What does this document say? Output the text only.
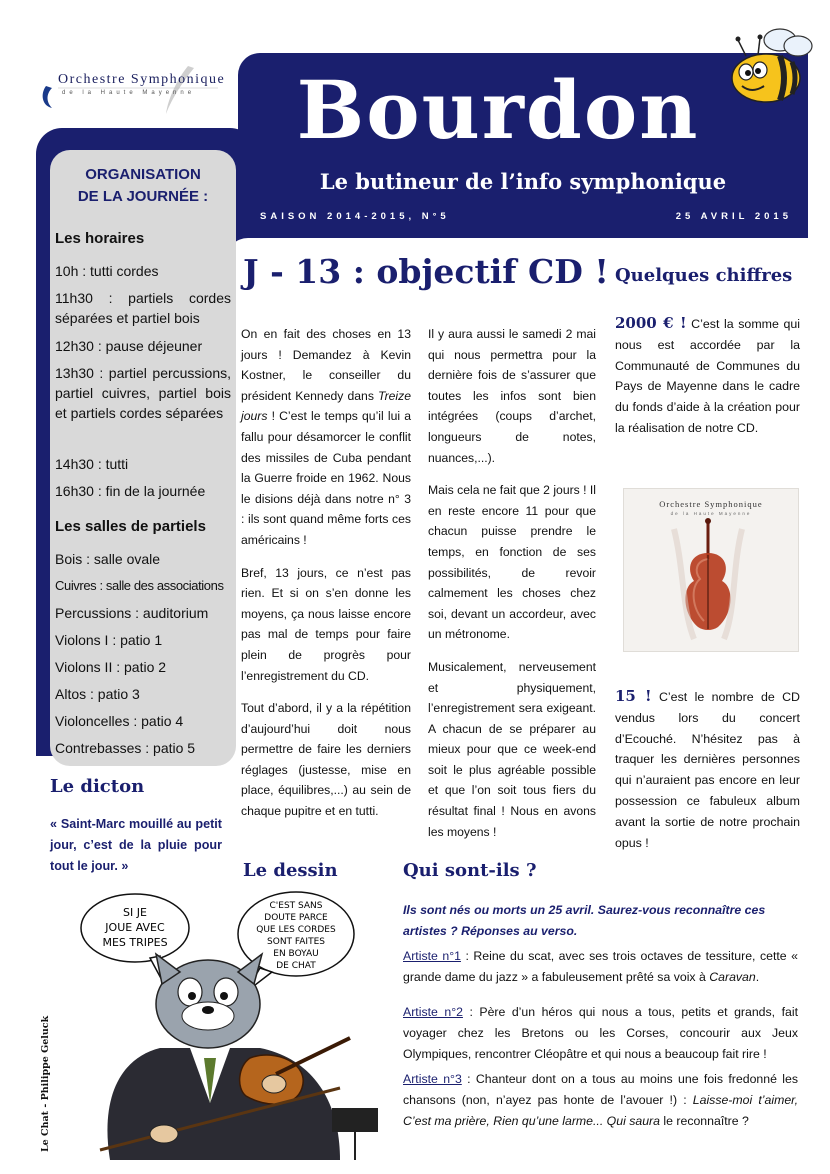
Orchestre Symphonique
de la Haute Mayenne	Bourdon
Le butineur de l’info symphonique
SAISON 2014-2015, N°5	25 AVRIL 2015
ORGANISATION
DE LA JOURNÉE :
Les horaires
10h : tutti cordes
11h30 : partiels cordes séparées et partiel bois
12h30 : pause déjeuner
13h30 : partiel percussions, partiel cuivres, partiel bois et partiels cordes séparées
14h30 : tutti
16h30 : fin de la journée
Les salles de partiels
Bois : salle ovale
Cuivres : salle des associations
Percussions : auditorium
Violons I : patio 1
Violons II : patio 2
Altos : patio 3
Violoncelles : patio 4
Contrebasses : patio 5
J - 13 : objectif CD !

On en fait des choses en 13 jours ! Demandez à Kevin Kostner, le conseiller du président Kennedy dans Treize jours ! C’est le temps qu’il lui a fallu pour désamorcer le conflit des missiles de Cuba pendant la Guerre froide en 1962. Nous le disions déjà dans notre n° 3 : ils sont quand même forts ces américains !

Bref, 13 jours, ce n’est pas rien. Et si on s’en donne les moyens, ça nous laisse encore pas mal de temps pour faire plein de progrès pour l’enregistrement du CD.

Tout d’abord, il y a la répétition d’aujourd’hui doit nous permettre de faire les derniers réglages (justesse, mise en place, équilibres,...) au sein de chaque pupitre et en tutti.

Il y aura aussi le samedi 2 mai qui nous permettra pour la dernière fois de s’assurer que toutes les infos sont bien intégrées (coups d’archet, longueurs de notes, nuances,...).

Mais cela ne fait que 2 jours ! Il en reste encore 11 pour que chacun puisse prendre le temps, en fonction de ses possibilités, de revoir calmement les choses chez soi, devant un accordeur, avec un métronome.

Musicalement, nerveusement et physiquement, l’enregistrement sera exigeant. A chacun de se préparer au mieux pour que ce week-end soit le plus agréable possible et que l’on soit tous fiers du résultat final ! Nous en avons les moyens !

Quelques chiffres
2000 € ! C’est la somme qui nous est accordée par la Communauté de Communes du Pays de Mayenne dans le cadre du fonds d’aide à la création pour la réalisation de notre CD.
Orchestre Symphonique
de la Haute Mayenne
15 ! C’est le nombre de CD vendus lors du concert d’Ecouché. N’hésitez pas à traquer les dernières personnes qui n’auraient pas encore en leur possession ce fabuleux album avant la sortie de notre prochain opus !
Le dicton
« Saint-Marc mouillé au petit jour, c’est de la pluie pour tout le jour. »	Le dessin
SI JE
JOUE AVEC
MES TRIPES
C'EST SANS
DOUTE PARCE
QUE LES CORDES
SONT FAITES
EN BOYAU
DE CHAT
Le Chat - Philippe Geluck
Qui sont-ils ?
Ils sont nés ou morts un 25 avril. Saurez-vous reconnaître ces artistes ? Réponses au verso.
Artiste n°1 : Reine du scat, avec ses trois octaves de tessiture, cette « grande dame du jazz » a fabuleusement prêté sa voix à Caravan.
Artiste n°2 : Père d’un héros qui nous a tous, petits et grands, fait voyager chez les Bretons ou les Corses, concourir aux Jeux Olympiques, rencontrer Cléopâtre et qui nous a beaucoup fait rire !
Artiste n°3 : Chanteur dont on a tous au moins une fois fredonné les chansons (non, n’ayez pas honte de l’avouer !) : Laisse-moi t’aimer, C’est ma prière, Rien qu’une larme... Qui saura le reconnaître ?
